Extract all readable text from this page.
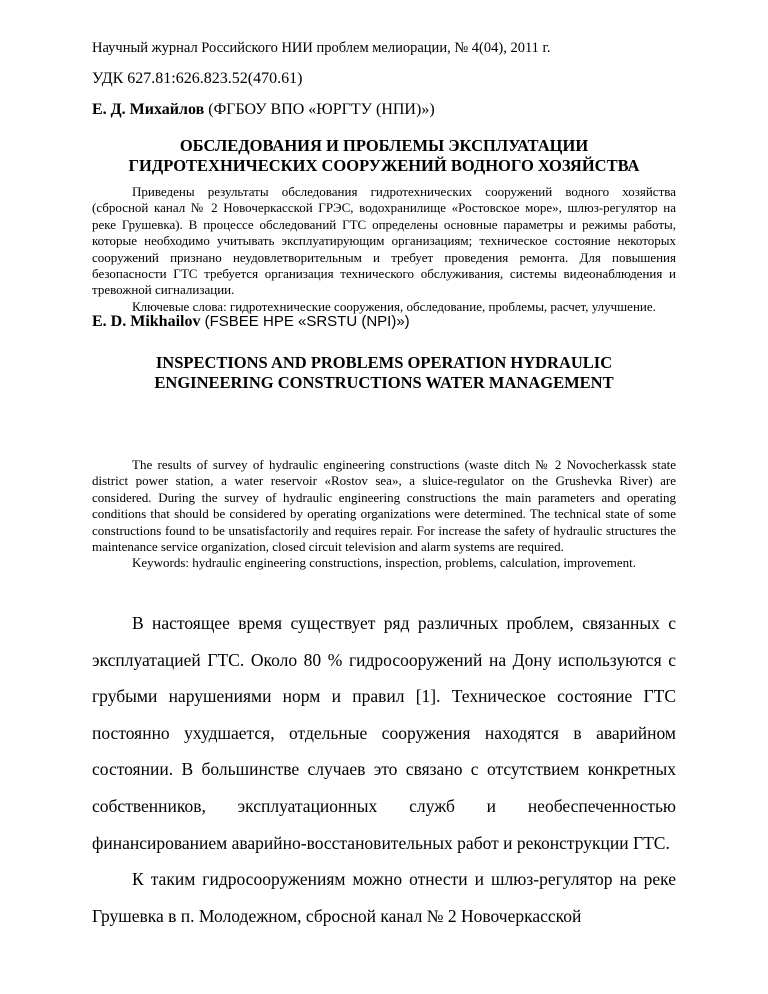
Научный журнал Российского НИИ проблем мелиорации, № 4(04), 2011 г.
УДК 627.81:626.823.52(470.61)
Е. Д. Михайлов (ФГБОУ ВПО «ЮРГТУ (НПИ)»)
ОБСЛЕДОВАНИЯ И ПРОБЛЕМЫ ЭКСПЛУАТАЦИИ
ГИДРОТЕХНИЧЕСКИХ СООРУЖЕНИЙ ВОДНОГО ХОЗЯЙСТВА

Приведены результаты обследования гидротехнических сооружений водного хозяйства (сбросной канал № 2 Новочеркасской ГРЭС, водохранилище «Ростовское море», шлюз-регулятор на реке Грушевка). В процессе обследований ГТС определены основные параметры и режимы работы, которые необходимо учитывать эксплуатирующим организациям; техническое состояние некоторых сооружений признано неудовлетворительным и требует проведения ремонта. Для повышения безопасности ГТС требуется организация технического обслуживания, системы видеонаблюдения и тревожной сигнализации.

Ключевые слова: гидротехнические сооружения, обследование, проблемы, расчет, улучшение.

E. D. Mikhailov (FSBEE HPE «SRSTU (NPI)»)
INSPECTIONS AND PROBLEMS OPERATION HYDRAULIC
ENGINEERING CONSTRUCTIONS WATER MANAGEMENT

The results of survey of hydraulic engineering constructions (waste ditch № 2 Novocherkassk state district power station, a water reservoir «Rostov sea», a sluice-regulator on the Grushevka River) are considered. During the survey of hydraulic engineering constructions the main parameters and operating conditions that should be considered by operating organizations were determined. The technical state of some constructions found to be unsatisfactorily and requires repair. For increase the safety of hydraulic structures the maintenance service organization, closed circuit television and alarm systems are required.

Keywords: hydraulic engineering constructions, inspection, problems, calculation, improvement.

В настоящее время существует ряд различных проблем, связанных с эксплуатацией ГТС. Около 80 % гидросооружений на Дону используются с грубыми нарушениями норм и правил [1]. Техническое состояние ГТС постоянно ухудшается, отдельные сооружения находятся в аварийном состоянии. В большинстве случаев это связано с отсутствием конкретных собственников, эксплуатационных служб и необеспеченностью финансированием аварийно-восстановительных работ и реконструкции ГТС.

К таким гидросооружениям можно отнести и шлюз-регулятор на реке Грушевка в п. Молодежном, сбросной канал № 2 Новочеркасской
